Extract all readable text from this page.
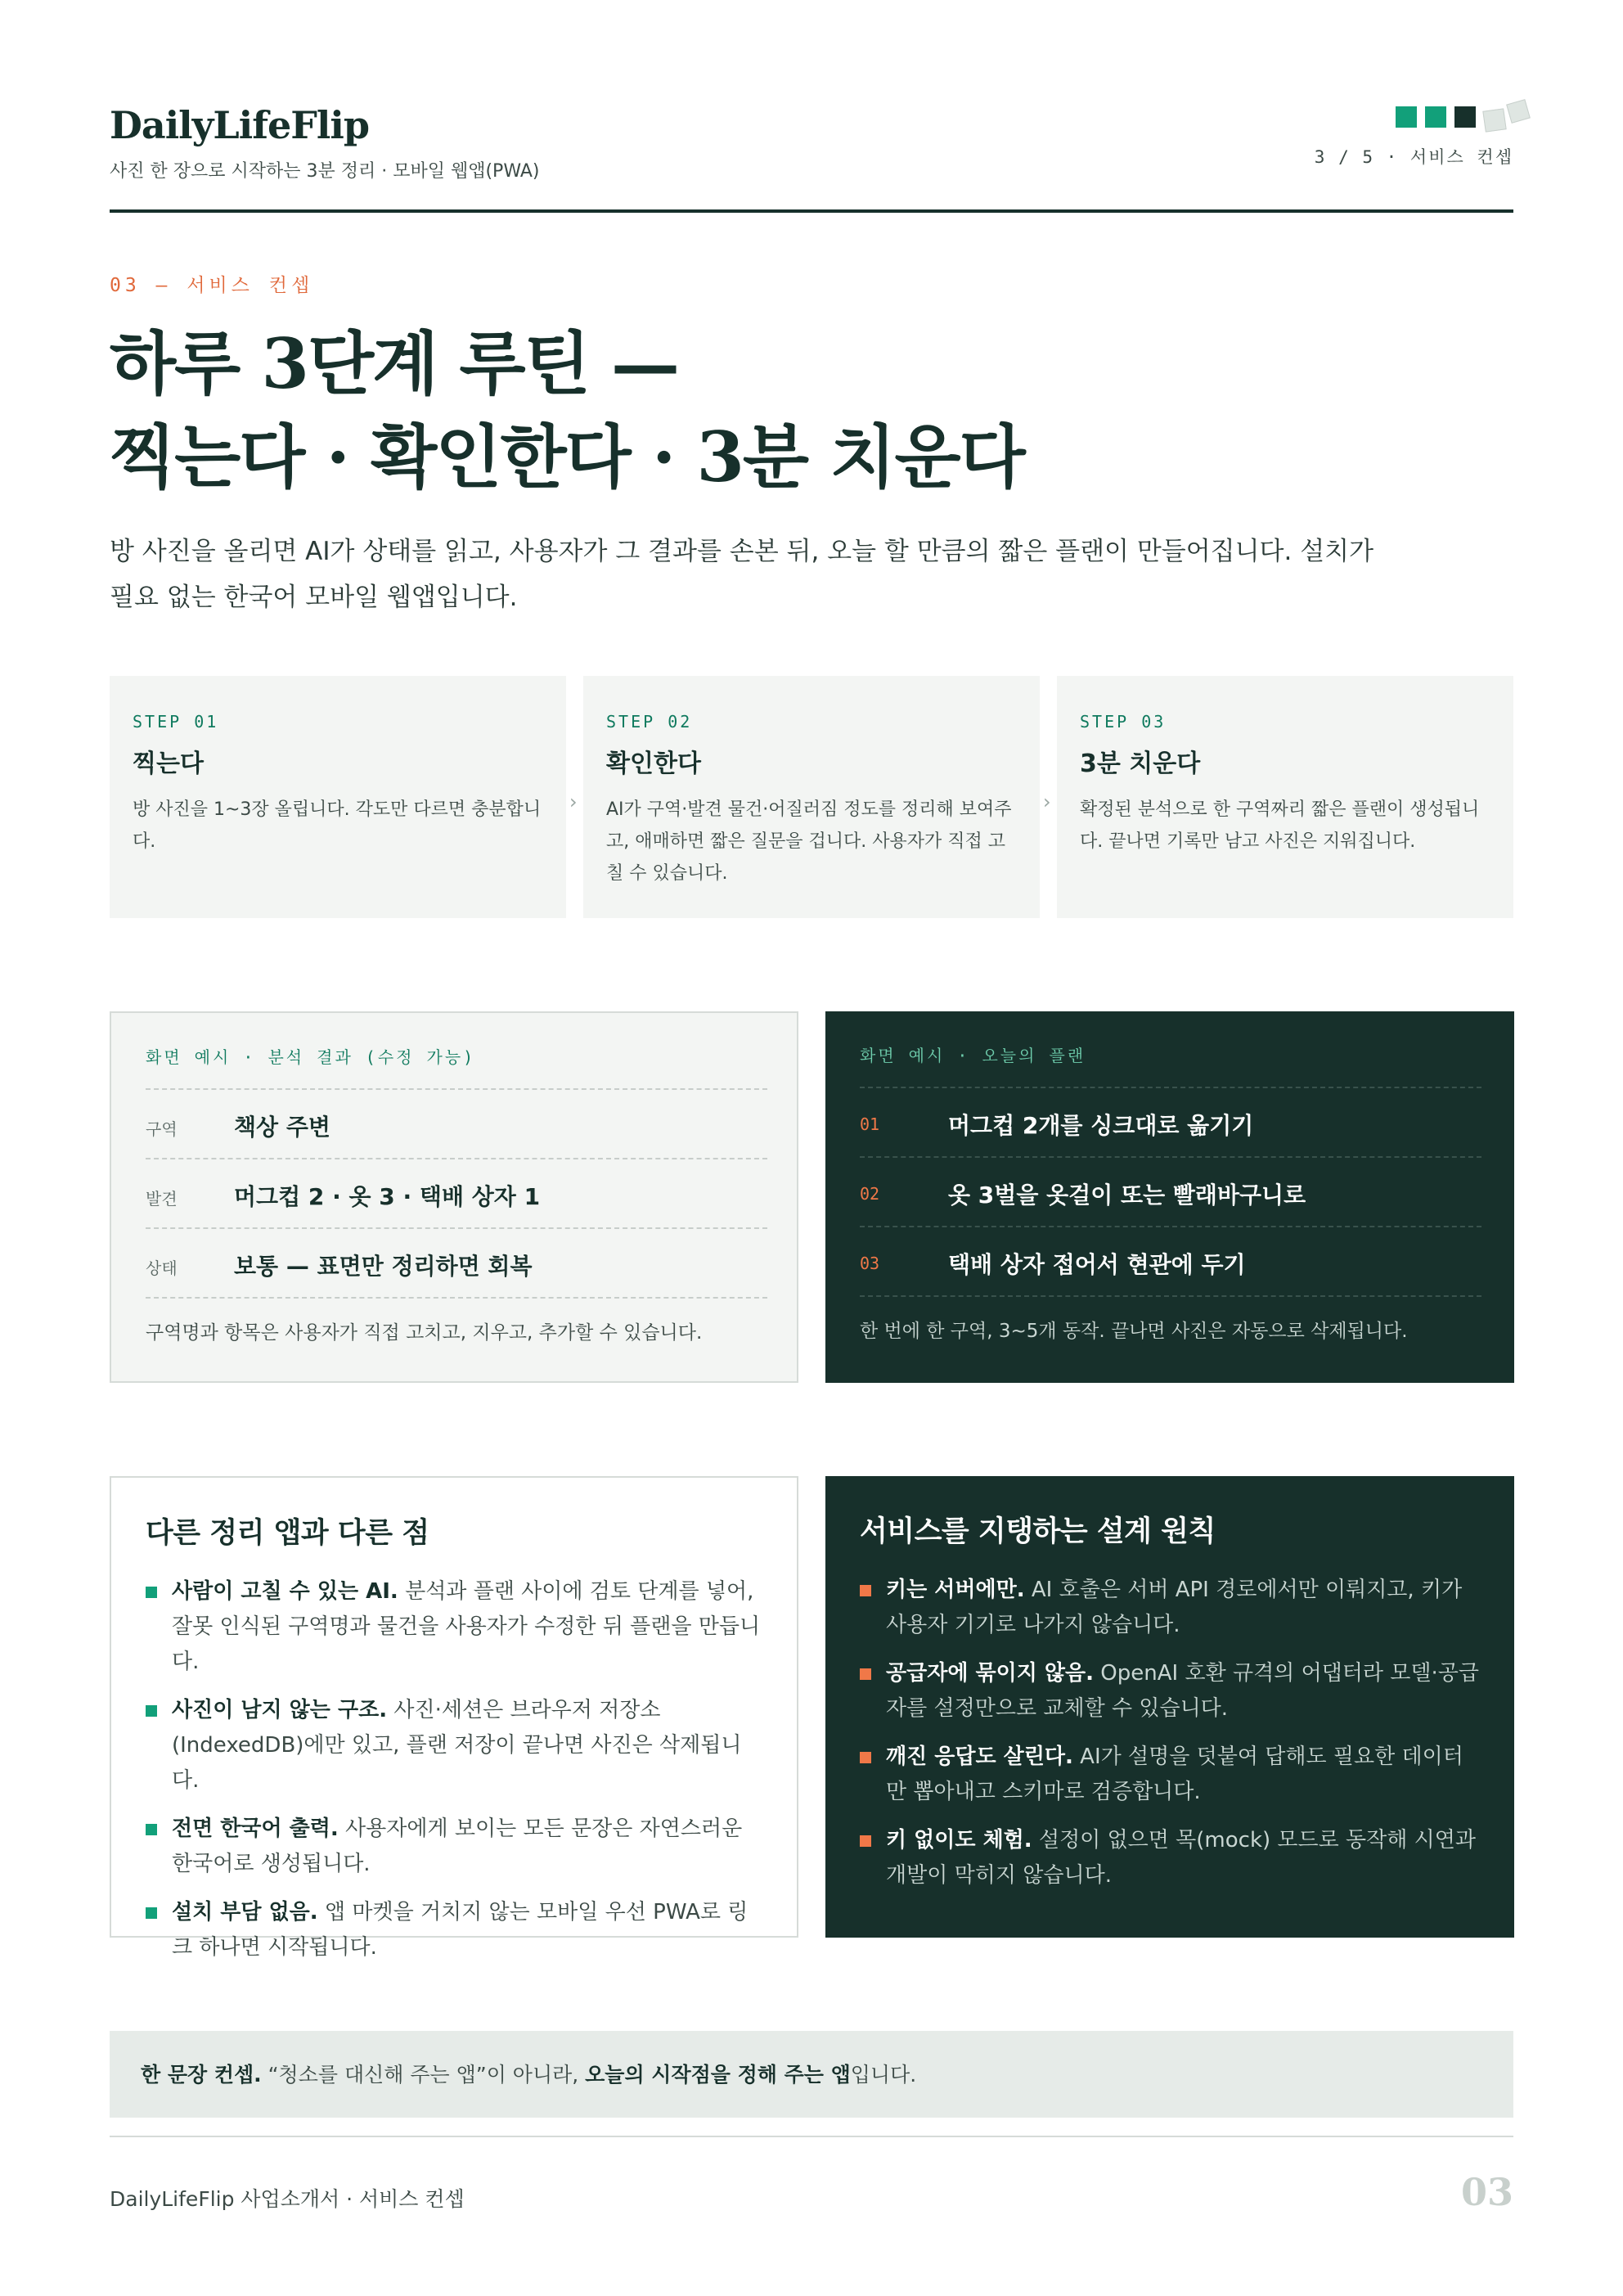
DailyLifeFlip
사진 한 장으로 시작하는 3분 정리 · 모바일 웹앱(PWA)
3 / 5 · 서비스 컨셉
03 — 서비스 컨셉
하루 3단계 루틴 —
찍는다 · 확인한다 · 3분 치운다
방 사진을 올리면 AI가 상태를 읽고, 사용자가 그 결과를 손본 뒤, 오늘 할 만큼의 짧은 플랜이 만들어집니다. 설치가 필요 없는 한국어 모바일 웹앱입니다.
STEP 01
찍는다
방 사진을 1~3장 올립니다. 각도만 다르면 충분합니다.
›
STEP 02
확인한다
AI가 구역·발견 물건·어질러짐 정도를 정리해 보여주고, 애매하면 짧은 질문을 겁니다. 사용자가 직접 고칠 수 있습니다.
›
STEP 03
3분 치운다
확정된 분석으로 한 구역짜리 짧은 플랜이 생성됩니다. 끝나면 기록만 남고 사진은 지워집니다.
화면 예시 · 분석 결과 (수정 가능)
구역 책상 주변
발견 머그컵 2 · 옷 3 · 택배 상자 1
상태 보통 — 표면만 정리하면 회복
구역명과 항목은 사용자가 직접 고치고, 지우고, 추가할 수 있습니다.
화면 예시 · 오늘의 플랜
01	머그컵 2개를 싱크대로 옮기기
02	옷 3벌을 옷걸이 또는 빨래바구니로
03	택배 상자 접어서 현관에 두기
한 번에 한 구역, 3~5개 동작. 끝나면 사진은 자동으로 삭제됩니다.
다른 정리 앱과 다른 점
사람이 고칠 수 있는 AI. 분석과 플랜 사이에 검토 단계를 넣어, 잘못 인식된 구역명과 물건을 사용자가 수정한 뒤 플랜을 만듭니다.
사진이 남지 않는 구조. 사진·세션은 브라우저 저장소(IndexedDB)에만 있고, 플랜 저장이 끝나면 사진은 삭제됩니다.
전면 한국어 출력. 사용자에게 보이는 모든 문장은 자연스러운 한국어로 생성됩니다.
설치 부담 없음. 앱 마켓을 거치지 않는 모바일 우선 PWA로 링크 하나면 시작됩니다.
서비스를 지탱하는 설계 원칙
키는 서버에만. AI 호출은 서버 API 경로에서만 이뤄지고, 키가 사용자 기기로 나가지 않습니다.
공급자에 묶이지 않음. OpenAI 호환 규격의 어댑터라 모델·공급자를 설정만으로 교체할 수 있습니다.
깨진 응답도 살린다. AI가 설명을 덧붙여 답해도 필요한 데이터만 뽑아내고 스키마로 검증합니다.
키 없이도 체험. 설정이 없으면 목(mock) 모드로 동작해 시연과 개발이 막히지 않습니다.
한 문장 컨셉. “청소를 대신해 주는 앱”이 아니라, 오늘의 시작점을 정해 주는 앱입니다.
DailyLifeFlip 사업소개서 · 서비스 컨셉	03
